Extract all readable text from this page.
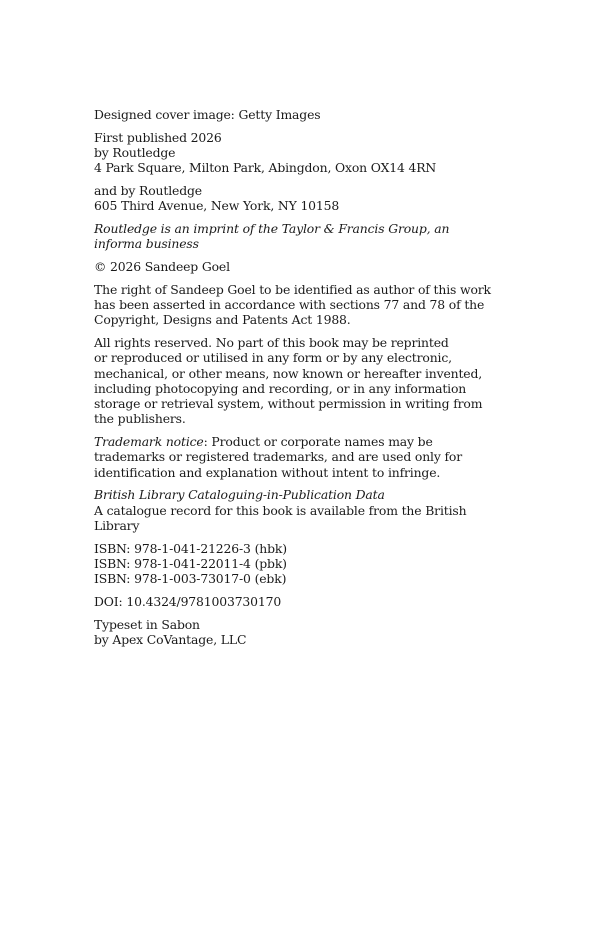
Designed cover image: Getty Images
First published 2026
by Routledge
4 Park Square, Milton Park, Abingdon, Oxon OX14 4RN
and by Routledge
605 Third Avenue, New York, NY 10158
Routledge is an imprint of the Taylor & Francis Group, an
informa business
© 2026 Sandeep Goel
The right of Sandeep Goel to be identified as author of this work
has been asserted in accordance with sections 77 and 78 of the
Copyright, Designs and Patents Act 1988.
All rights reserved. No part of this book may be reprinted
or reproduced or utilised in any form or by any electronic,
mechanical, or other means, now known or hereafter invented,
including photocopying and recording, or in any information
storage or retrieval system, without permission in writing from
the publishers.
Trademark notice: Product or corporate names may be
trademarks or registered trademarks, and are used only for
identification and explanation without intent to infringe.
British Library Cataloguing-in-Publication Data
A catalogue record for this book is available from the British
Library
ISBN: 978-1-041-21226-3 (hbk)
ISBN: 978-1-041-22011-4 (pbk)
ISBN: 978-1-003-73017-0 (ebk)
DOI: 10.4324/9781003730170
Typeset in Sabon
by Apex CoVantage, LLC
